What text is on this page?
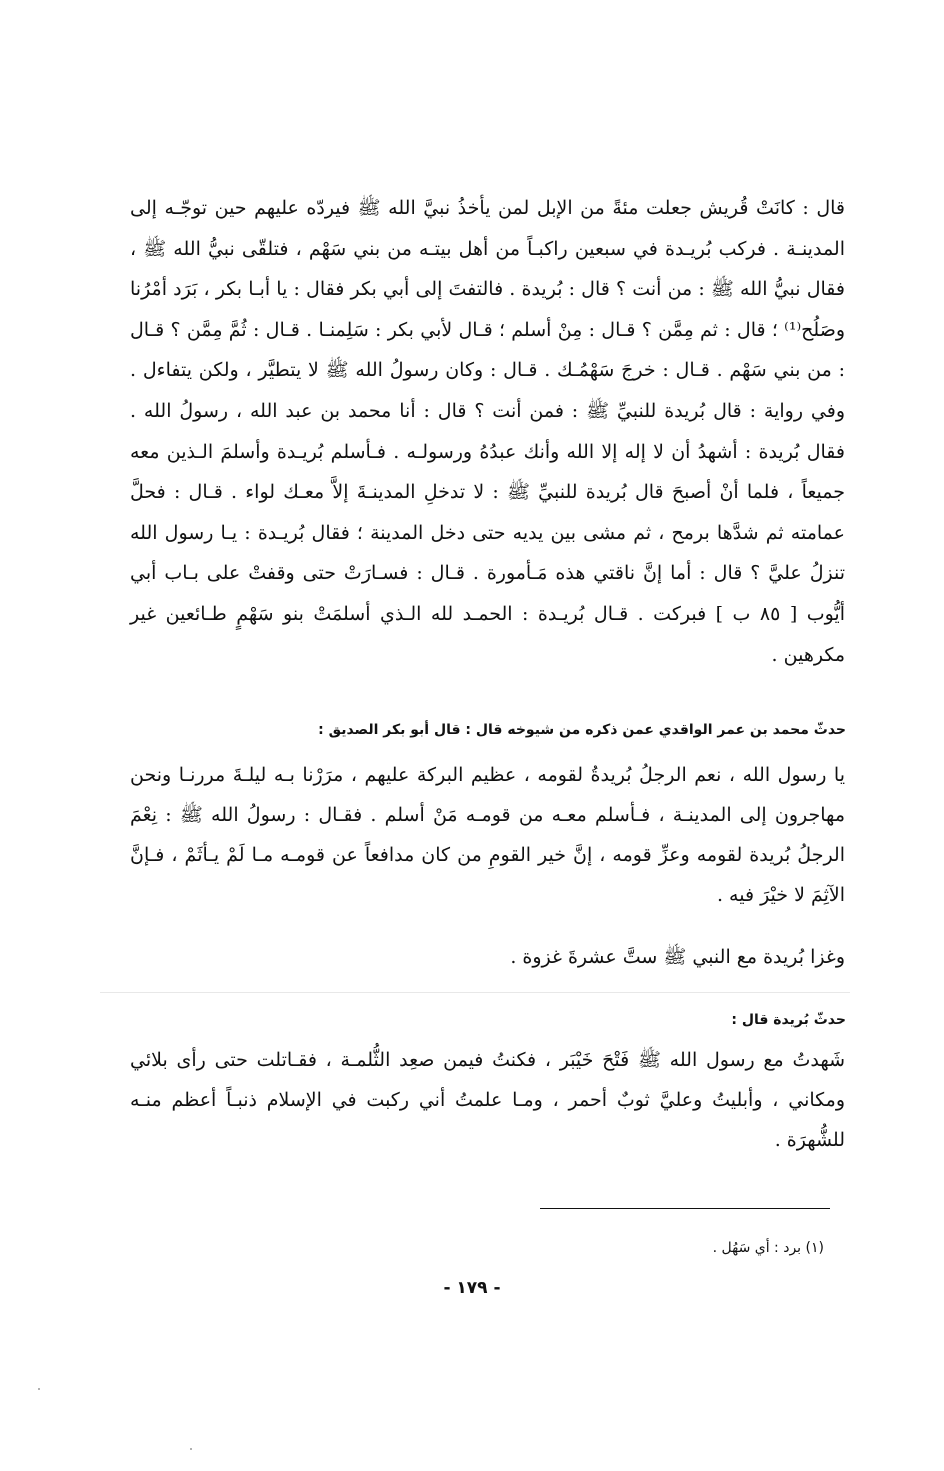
قال : كانَتْ قُريش جعلت مئةً من الإبل لمن يأخذُ نبيَّ الله ﷺ فيردّه عليهم حين توجّـه إلى المدينـة . فركب بُريـدة في سبعين راكبـاً من أهل بيتـه من بني سَهْم ، فتلقّى نبيُّ الله ﷺ ، فقال نبيُّ الله ﷺ : من أنت ؟ قال : بُريدة . فالتفتَ إلى أبي بكر فقال : يا أبـا بكر ، بَرَد أمْرُنا وصَلُح⁽¹⁾ ؛ قال : ثم مِمَّن ؟ قـال : مِنْ أسلم ؛ قـال لأبي بكر : سَلِمنـا . قـال : ثُمَّ مِمَّن ؟ قـال : من بني سَهْم . قـال : خرجَ سَهْمُـك . قـال : وكان رسولُ الله ﷺ لا يتطيَّر ، ولكن يتفاءل . وفي رواية : قال بُريدة للنبيِّ ﷺ : فمن أنت ؟ قال : أنا محمد بن عبد الله ، رسولُ الله . فقال بُريدة : أشهدُ أن لا إله إلا الله وأنك عبدُهُ ورسولـه . فـأسلم بُريـدة وأسلمَ الـذين معه جميعاً ، فلما أنْ أصبحَ قال بُريدة للنبيِّ ﷺ : لا تدخلِ المدينـةَ إلاَّ معـك لواء . قـال : فحلَّ عمامته ثم شدَّها برمح ، ثم مشى بين يديه حتى دخل المدينة ؛ فقال بُريـدة : يـا رسول الله تنزلُ عليَّ ؟ قال : أما إنَّ ناقتي هذه مَـأمورة . قـال : فسـارَتْ حتى وقفتْ على بـاب أبي أيُّوب [ ٨٥ ب ] فبركت . قـال بُريـدة : الحمـد لله الـذي أسلمَتْ بنو سَهْمٍ طـائعين غير مكرهين .
حدثّ محمد بن عمر الواقدي عمن ذكره من شيوخه قال : قال أبو بكر الصديق :
يا رسول الله ، نعم الرجلُ بُريدةُ لقومه ، عظيم البركة عليهم ، مرَرْنا بـه ليلـةَ مررنـا ونحن مهاجرون إلى المدينـة ، فـأسلم معـه من قومـه مَنْ أسلم . فقـال : رسولُ الله ﷺ : نِعْمَ الرجلُ بُريدة لقومه وعزِّ قومه ، إنَّ خير القومِ من كان مدافعاً عن قومـه مـا لَمْ يـأثَمْ ، فـإنَّ الآثِمَ لا خيْرَ فيه .
وغزا بُريدة مع النبي ﷺ ستَّ عشرةَ غزوة .
حدثّ بُريدة قال :
شَهدتُ مع رسول الله ﷺ فَتْحَ خَيْبَر ، فكنتُ فيمن صعِد الثُّلمـة ، فقـاتلت حتى رأى بلائي ومكاني ، وأبليتُ وعليَّ ثوبٌ أحمر ، ومـا علمتُ أني ركبت في الإسلام ذنبـاً أعظم منـه للشُّهرَة .
(١) برد : أي سَهُل .
- ١٧٩ -
